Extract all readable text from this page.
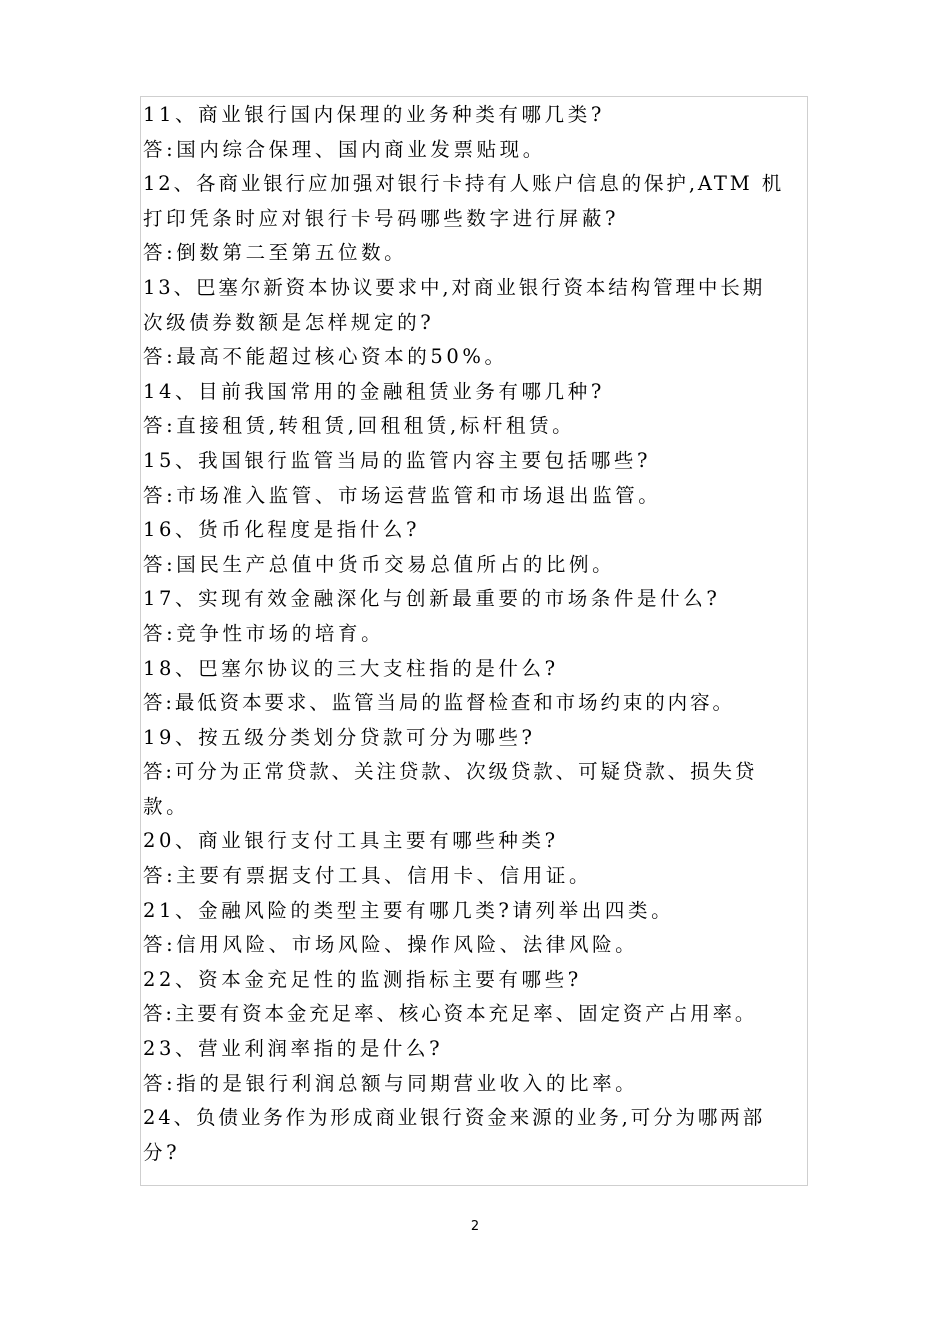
11、商业银行国内保理的业务种类有哪几类?
答:国内综合保理、国内商业发票贴现。
12、各商业银行应加强对银行卡持有人账户信息的保护,ATM 机
打印凭条时应对银行卡号码哪些数字进行屏蔽?
答:倒数第二至第五位数。
13、巴塞尔新资本协议要求中,对商业银行资本结构管理中长期
次级债券数额是怎样规定的?
答:最高不能超过核心资本的50%。
14、目前我国常用的金融租赁业务有哪几种?
答:直接租赁,转租赁,回租租赁,标杆租赁。
15、我国银行监管当局的监管内容主要包括哪些?
答:市场准入监管、市场运营监管和市场退出监管。
16、货币化程度是指什么?
答:国民生产总值中货币交易总值所占的比例。
17、实现有效金融深化与创新最重要的市场条件是什么?
答:竞争性市场的培育。
18、巴塞尔协议的三大支柱指的是什么?
答:最低资本要求、监管当局的监督检查和市场约束的内容。
19、按五级分类划分贷款可分为哪些?
答:可分为正常贷款、关注贷款、次级贷款、可疑贷款、损失贷
款。
20、商业银行支付工具主要有哪些种类?
答:主要有票据支付工具、信用卡、信用证。
21、金融风险的类型主要有哪几类?请列举出四类。
答:信用风险、市场风险、操作风险、法律风险。
22、资本金充足性的监测指标主要有哪些?
答:主要有资本金充足率、核心资本充足率、固定资产占用率。
23、营业利润率指的是什么?
答:指的是银行利润总额与同期营业收入的比率。
24、负债业务作为形成商业银行资金来源的业务,可分为哪两部
分?
2
